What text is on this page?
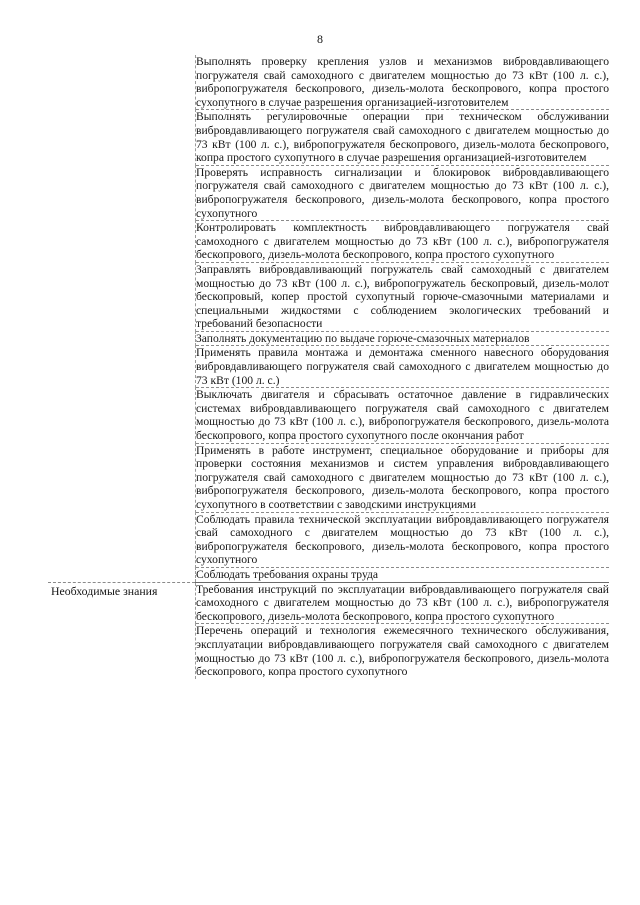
8
	Выполнять проверку крепления узлов и механизмов вибровдавливающего погружателя свай самоходного с двигателем мощностью до 73 кВт (100 л. с.), вибропогружателя бескопрового, дизель-молота бескопрового, копра простого сухопутного в случае разрешения организацией-изготовителем
	Выполнять регулировочные операции при техническом обслуживании вибровдавливающего погружателя свай самоходного с двигателем мощностью до 73 кВт (100 л. с.), вибропогружателя бескопрового, дизель-молота бескопрового, копра простого сухопутного в случае разрешения организацией-изготовителем
	Проверять исправность сигнализации и блокировок вибровдавливающего погружателя свай самоходного с двигателем мощностью до 73 кВт (100 л. с.), вибропогружателя бескопрового, дизель-молота бескопрового, копра простого сухопутного
	Контролировать комплектность вибровдавливающего погружателя свай самоходного с двигателем мощностью до 73 кВт (100 л. с.), вибропогружателя бескопрового, дизель-молота бескопрового, копра простого сухопутного
	Заправлять вибровдавливающий погружатель свай самоходный с двигателем мощностью до 73 кВт (100 л. с.), вибропогружатель бескопровый, дизель-молот бескопровый, копер простой сухопутный горюче-смазочными материалами и специальными жидкостями с соблюдением экологических требований и требований безопасности
	Заполнять документацию по выдаче горюче-смазочных материалов
	Применять правила монтажа и демонтажа сменного навесного оборудования вибровдавливающего погружателя свай самоходного с двигателем мощностью до 73 кВт (100 л. с.)
	Выключать двигателя и сбрасывать остаточное давление в гидравлических системах вибровдавливающего погружателя свай самоходного с двигателем мощностью до 73 кВт (100 л. с.), вибропогружателя бескопрового, дизель-молота бескопрового, копра простого сухопутного после окончания работ
	Применять в работе инструмент, специальное оборудование и приборы для проверки состояния механизмов и систем управления вибровдавливающего погружателя свай самоходного с двигателем мощностью до 73 кВт (100 л. с.), вибропогружателя бескопрового, дизель-молота бескопрового, копра простого сухопутного в соответствии с заводскими инструкциями
	Соблюдать правила технической эксплуатации вибровдавливающего погружателя свай самоходного с двигателем мощностью до 73 кВт (100 л. с.), вибропогружателя бескопрового, дизель-молота бескопрового, копра простого сухопутного
	Соблюдать требования охраны труда

Необходимые знания	Требования инструкций по эксплуатации вибровдавливающего погружателя свай самоходного с двигателем мощностью до 73 кВт (100 л. с.), вибропогружателя бескопрового, дизель-молота бескопрового, копра простого сухопутного
	Перечень операций и технология ежемесячного технического обслуживания, эксплуатации вибровдавливающего погружателя свай самоходного с двигателем мощностью до 73 кВт (100 л. с.), вибропогружателя бескопрового, дизель-молота бескопрового, копра простого сухопутного
